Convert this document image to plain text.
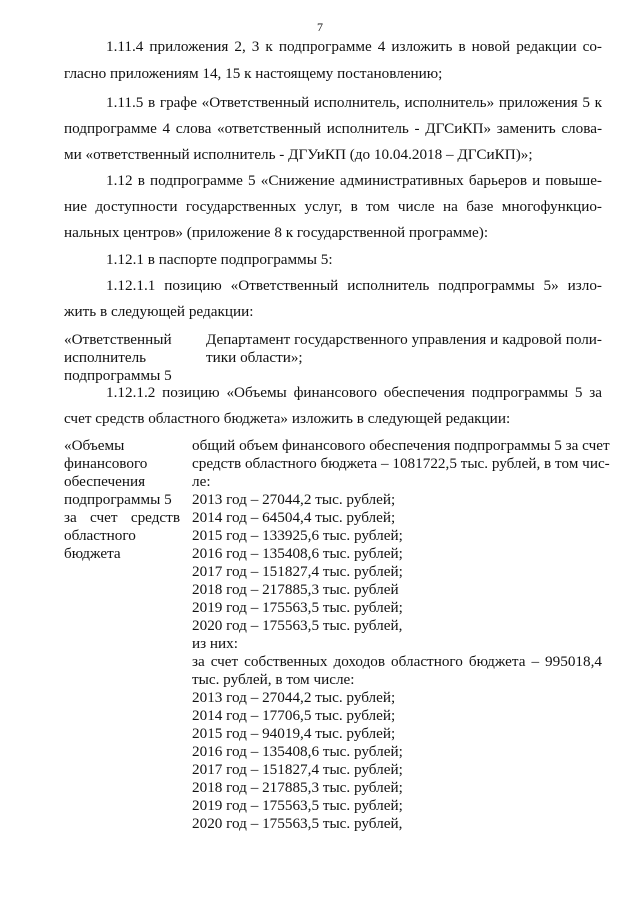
7
1.11.4 приложения 2, 3 к подпрограмме 4 изложить в новой редакции со-
гласно приложениям 14, 15 к настоящему постановлению;
1.11.5 в графе «Ответственный исполнитель, исполнитель» приложения 5 к
подпрограмме 4 слова «ответственный исполнитель - ДГСиКП» заменить слова-
ми «ответственный исполнитель - ДГУиКП (до 10.04.2018 – ДГСиКП)»;
1.12 в подпрограмме 5 «Снижение административных барьеров и повыше-
ние доступности государственных услуг, в том числе на базе многофункцио-
нальных центров» (приложение 8 к государственной программе):
1.12.1 в паспорте подпрограммы 5:
1.12.1.1 позицию «Ответственный исполнитель подпрограммы 5» изло-
жить в следующей редакции:
«Ответственный
исполнитель
подпрограммы 5
Департамент государственного управления и кадровой поли-
тики области»;
1.12.1.2 позицию «Объемы финансового обеспечения подпрограммы 5 за
счет средств областного бюджета» изложить в следующей редакции:
«Объемы
финансового
обеспечения
подпрограммы 5
за счет средств
областного
бюджета
общий объем финансового обеспечения подпрограммы 5 за счет
средств областного бюджета – 1081722,5 тыс. рублей, в том чис-
ле:
2013 год – 27044,2 тыс. рублей;
2014 год – 64504,4 тыс. рублей;
2015 год – 133925,6 тыс. рублей;
2016 год – 135408,6 тыс. рублей;
2017 год – 151827,4 тыс. рублей;
2018 год – 217885,3 тыс. рублей
2019 год – 175563,5 тыс. рублей;
2020 год – 175563,5 тыс. рублей,
из них:
за счет собственных доходов областного бюджета – 995018,4
тыс. рублей, в том числе:
2013 год – 27044,2 тыс. рублей;
2014 год – 17706,5 тыс. рублей;
2015 год – 94019,4 тыс. рублей;
2016 год – 135408,6 тыс. рублей;
2017 год – 151827,4 тыс. рублей;
2018 год – 217885,3 тыс. рублей;
2019 год – 175563,5 тыс. рублей;
2020 год – 175563,5 тыс. рублей,
